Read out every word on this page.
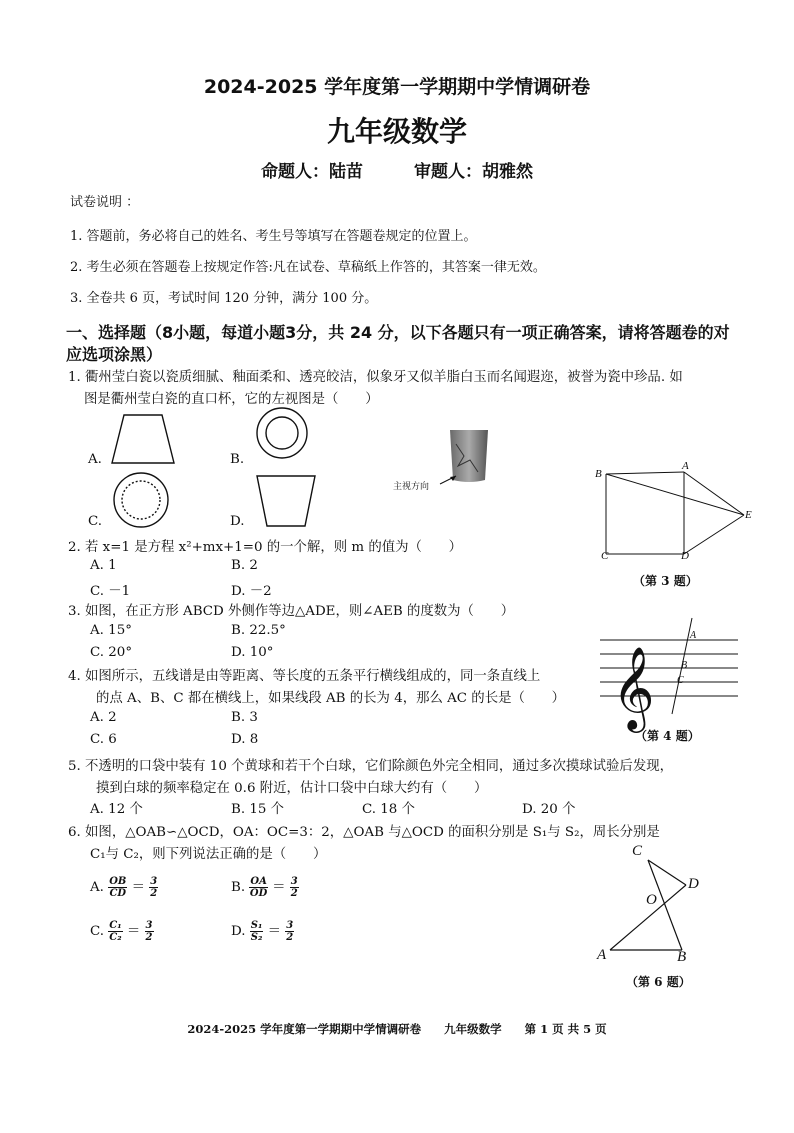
2024-2025 学年度第一学期期中学情调研卷
九年级数学
命题人：陆苗　　　审题人：胡雅然
试卷说明 ：
1. 答题前，务必将自己的姓名、考生号等填写在答题卷规定的位置上。
2. 考生必须在答题卷上按规定作答:凡在试卷、草稿纸上作答的，其答案一律无效。
3. 全卷共 6 页，考试时间 120 分钟，满分 100 分。
一、选择题（8小题，每道小题3分，共 24 分，以下各题只有一项正确答案，请将答题卷的对应选项涂黑）
1. 衢州莹白瓷以瓷质细腻、釉面柔和、透亮皎洁，似象牙又似羊脂白玉而名闻遐迩，被誉为瓷中珍品. 如
图是衢州莹白瓷的直口杯，它的左视图是（　　）
A.	B.
C.	D.
主视方向
B
A
E
C	D
（第 3 题）
2. 若 x=1 是方程 x²+mx+1=0 的一个解，则 m 的值为（　　）
A. 1	B. 2
C. －1	D. －2
3. 如图，在正方形 ABCD 外侧作等边△ADE，则∠AEB 的度数为（　　）
A. 15°	B. 22.5°
C. 20°	D. 10°	𝄞
A
B
C
（第 4 题）
4. 如图所示，五线谱是由等距离、等长度的五条平行横线组成的，同一条直线上
的点 A、B、C 都在横线上，如果线段 AB 的长为 4，那么 AC 的长是（　　）
A. 2	B. 3
C. 6	D. 8
5. 不透明的口袋中装有 10 个黄球和若干个白球，它们除颜色外完全相同，通过多次摸球试验后发现，
摸到白球的频率稳定在 0.6 附近，估计口袋中白球大约有（　　）
A. 12 个	B. 15 个	C. 18 个	D. 20 个
6. 如图，△OAB∽△OCD，OA：OC=3：2，△OAB 与△OCD 的面积分别是 S₁与 S₂，周长分别是
C₁与 C₂，则下列说法正确的是（　　）
A. $\frac{OB}{CD} = \frac{3}{2}$	B. $\frac{OA}{OD} = \frac{3}{2}$
C. $\frac{\text{C₁}}{\text{C₂}} = \frac{3}{2}$	D. $\frac{\text{S₁}}{\text{S₂}} = \frac{3}{2}$
C
D
O
A	B
（第 6 题）
2024-2025 学年度第一学期期中学情调研卷　　九年级数学　　第 1 页 共 5 页
